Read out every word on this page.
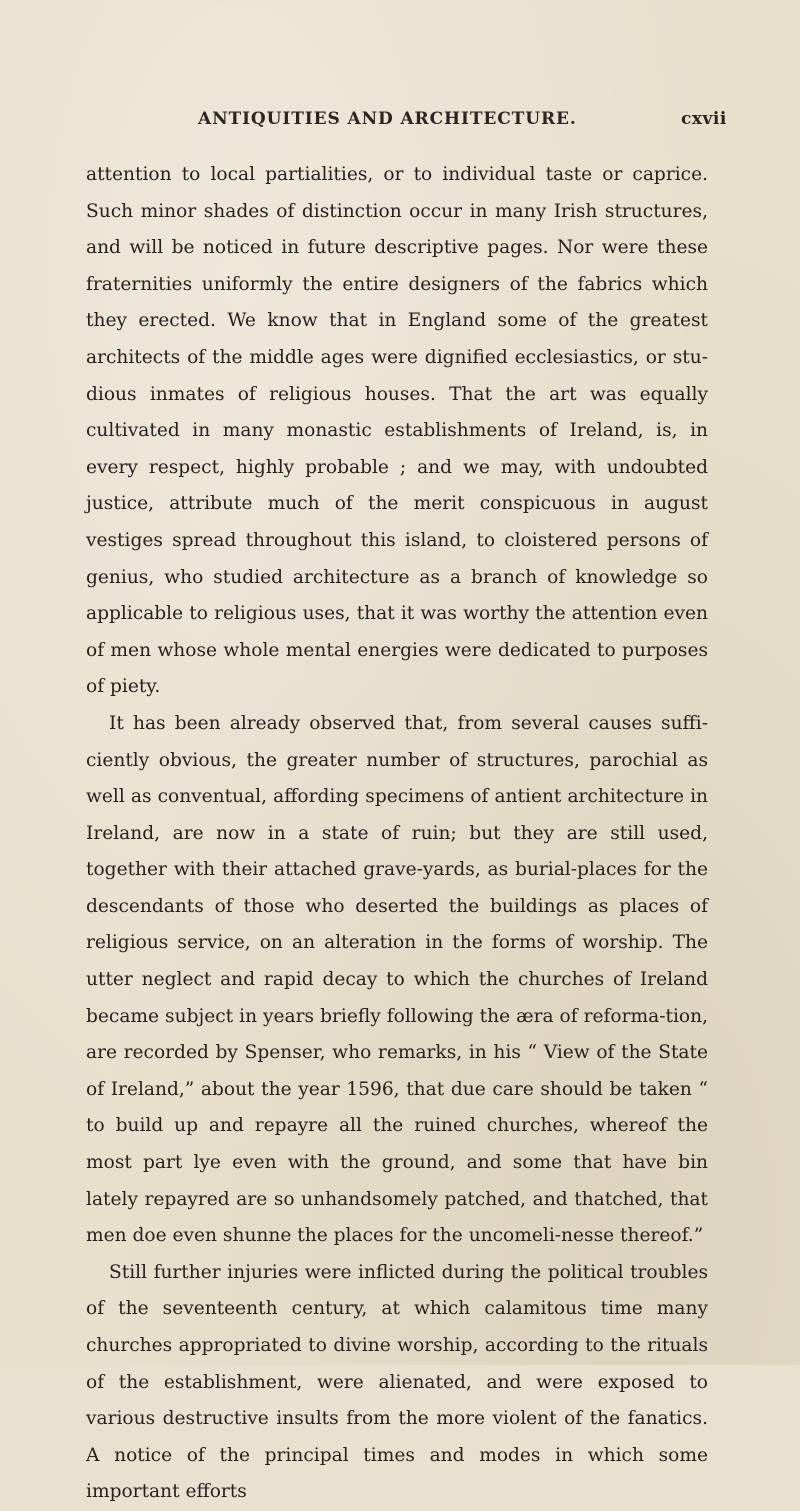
ANTIQUITIES AND ARCHITECTURE.	cxvii

attention to local partialities, or to individual taste or caprice. Such minor shades of distinction occur in many Irish structures, and will be noticed in future descriptive pages. Nor were these fraternities uniformly the entire designers of the fabrics which they erected. We know that in England some of the greatest architects of the middle ages were dignified ecclesiastics, or stu-dious inmates of religious houses. That the art was equally cultivated in many monastic establishments of Ireland, is, in every respect, highly probable ; and we may, with undoubted justice, attribute much of the merit conspicuous in august vestiges spread throughout this island, to cloistered persons of genius, who studied architecture as a branch of knowledge so applicable to religious uses, that it was worthy the attention even of men whose whole mental energies were dedicated to purposes of piety.

It has been already observed that, from several causes suffi-ciently obvious, the greater number of structures, parochial as well as conventual, affording specimens of antient architecture in Ireland, are now in a state of ruin; but they are still used, together with their attached grave-yards, as burial-places for the descendants of those who deserted the buildings as places of religious service, on an alteration in the forms of worship. The utter neglect and rapid decay to which the churches of Ireland became subject in years briefly following the æra of reforma-tion, are recorded by Spenser, who remarks, in his “ View of the State of Ireland,” about the year 1596, that due care should be taken “ to build up and repayre all the ruined churches, whereof the most part lye even with the ground, and some that have bin lately repayred are so unhandsomely patched, and thatched, that men doe even shunne the places for the uncomeli-nesse thereof.”

Still further injuries were inflicted during the political troubles of the seventeenth century, at which calamitous time many churches appropriated to divine worship, according to the rituals of the establishment, were alienated, and were exposed to various destructive insults from the more violent of the fanatics. A notice of the principal times and modes in which some important efforts
